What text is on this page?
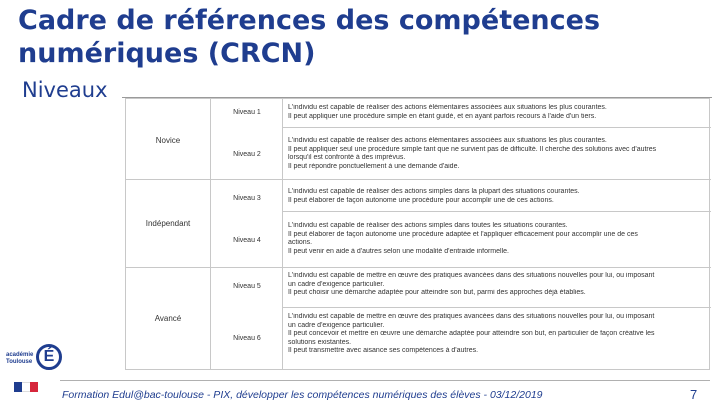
Cadre de références des compétences numériques (CRCN)
Niveaux
Novice
Indépendant
Avancé
Niveau 1
Niveau 2
Niveau 3
Niveau 4
Niveau 5
Niveau 6
L'individu est capable de réaliser des actions élémentaires associées aux situations les plus courantes.
Il peut appliquer une procédure simple en étant guidé, et en ayant parfois recours à l'aide d'un tiers.
L'individu est capable de réaliser des actions élémentaires associées aux situations les plus courantes.
Il peut appliquer seul une procédure simple tant que ne survient pas de difficulté. Il cherche des solutions avec d'autres
lorsqu'il est confronté à des imprévus.
Il peut répondre ponctuellement à une demande d'aide.
L'individu est capable de réaliser des actions simples dans la plupart des situations courantes.
Il peut élaborer de façon autonome une procédure pour accomplir une de ces actions.
L'individu est capable de réaliser des actions simples dans toutes les situations courantes.
Il peut élaborer de façon autonome une procédure adaptée et l'appliquer efficacement pour accomplir une de ces
actions.
Il peut venir en aide à d'autres selon une modalité d'entraide informelle.
L'individu est capable de mettre en œuvre des pratiques avancées dans des situations nouvelles pour lui, ou imposant
un cadre d'exigence particulier.
Il peut choisir une démarche adaptée pour atteindre son but, parmi des approches déjà établies.
L'individu est capable de mettre en œuvre des pratiques avancées dans des situations nouvelles pour lui, ou imposant
un cadre d'exigence particulier.
Il peut concevoir et mettre en œuvre une démarche adaptée pour atteindre son but, en particulier de façon créative les
solutions existantes.
Il peut transmettre avec aisance ses compétences à d'autres.
académie Toulouse É
Formation Edul@bac-toulouse - PIX, développer les compétences numériques des élèves - 03/12/2019	7
